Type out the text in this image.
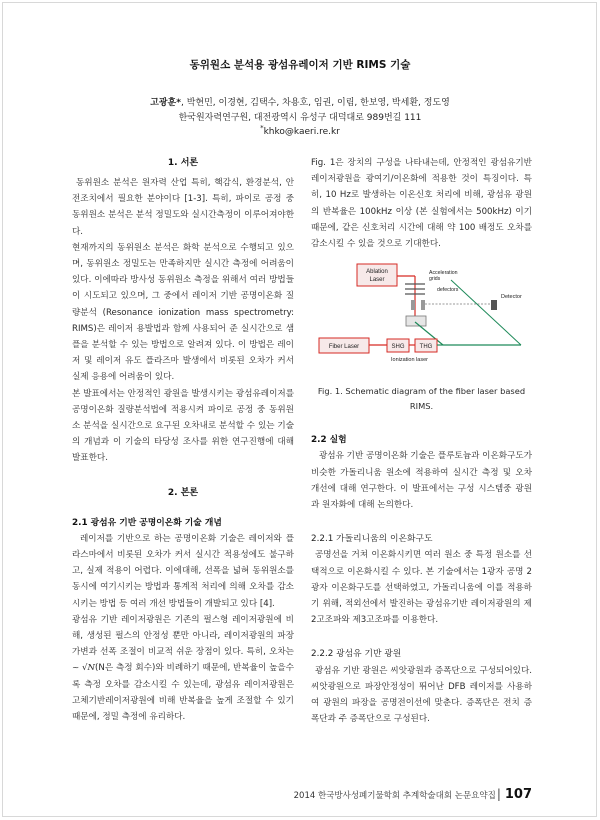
동위원소 분석용 광섬유레이저 기반 RIMS 기술
고광훈*, 박현민, 이경현, 김택수, 차용호, 임권, 이림, 한보영, 박세환, 정도영
한국원자력연구원, 대전광역시 유성구 대덕대로 989번길 111
*khko@kaeri.re.kr
1. 서론

동위원소 분석은 원자력 산업 특히, 핵감식, 환경분석, 안전조치에서 필요한 분야이다 [1-3]. 특히, 파이로 공정 중 동위원소 분석은 분석 정밀도와 실시간측정이 이루어져야한다.

현재까지의 동위원소 분석은 화학 분석으로 수행되고 있으며, 동위원소 정밀도는 만족하지만 실시간 측정에 어려움이 있다. 이에따라 방사성 동위원소 측정을 위해서 여러 방법들이 시도되고 있으며, 그 중에서 레이저 기반 공명이온화 질량분석 (Resonance ionization mass spectrometry: RIMS)은 레이저 용발법과 함께 사용되어 준 실시간으로 샘플을 분석할 수 있는 방법으로 알려져 있다. 이 방법은 레이저 및 레이저 유도 플라즈마 발생에서 비롯된 오차가 커서 실제 응용에 어려움이 있다.

본 발표에서는 안정적인 광원을 발생시키는 광섬유레이저를 공명이온화 질량분석법에 적용시켜 파이로 공정 중 동위원소 분석을 실시간으로 요구된 오차내로 분석할 수 있는 기술의 개념과 이 기술의 타당성 조사를 위한 연구진행에 대해 발표한다.

2. 본론
2.1 광섬유 기반 공명이온화 기술 개념

레이저를 기반으로 하는 공명이온화 기술은 레이저와 플라스마에서 비롯된 오차가 커서 실시간 적용성에도 불구하고, 실제 적용이 어렵다. 이에대해, 선폭을 넓혀 동위원소를 동시에 여기시키는 방법과 통계적 처리에 의해 오차를 감소시키는 방법 등 여러 개선 방법들이 개발되고 있다 [4].

광섬유 기반 레이저광원은 기존의 펄스형 레이저광원에 비해, 생성된 펄스의 안정성 뿐만 아니라, 레이저광원의 파장 가변과 선폭 조절이 비교적 쉬운 장점이 있다. 특히, 오차는 ~ √N(N은 측정 회수)와 비례하기 때문에, 반복율이 높을수록 측정 오차를 감소시킬 수 있는데, 광섬유 레이저광원은 고체기반레이저광원에 비해 반복율을 높게 조절할 수 있기 때문에, 정밀 측정에 유리하다.

Fig. 1은 장치의 구성을 나타내는데, 안정적인 광섬유기반 레이저광원을 광여기/이온화에 적용한 것이 특징이다. 특히, 10 Hz로 발생하는 이온신호 처리에 비해, 광섬유 광원의 반복율은 100kHz 이상 (본 실험에서는 500kHz) 이기 때문에, 같은 신호처리 시간에 대해 약 100 배정도 오차를 감소시킬 수 있을 것으로 기대한다.

Ablation
Laser
Acceleration
grids
defectors
Detector
Fiber Laser	SHG	THG
Ionization laser
Fig. 1. Schematic diagram of the fiber laser based RIMS.
2.2 실험

광섬유 기반 공명이온화 기술은 플루토늄과 이온화구도가 비슷한 가돌리니움 원소에 적용하여 실시간 측정 및 오차 개선에 대해 연구한다. 이 발표에서는 구성 시스템중 광원과 원자화에 대해 논의한다.

2.2.1 가돌리니움의 이온화구도

공명선을 거쳐 이온화시키면 여러 원소 중 특정 원소를 선택적으로 이온화시킬 수 있다. 본 기술에서는 1광자 공명 2광자 이온화구도를 선택하였고, 가돌리니움에 이를 적용하기 위해, 적외선에서 발진하는 광섬유기반 레이저광원의 제2고조파와 제3고조파를 이용한다.

2.2.2 광섬유 기반 광원

광섬유 기반 광원은 씨앗광원과 증폭단으로 구성되어있다. 씨앗광원으로 파장안정성이 뛰어난 DFB 레이저를 사용하여 광원의 파장을 공명전이선에 맞춘다. 증폭단은 전치 증폭단과 주 증폭단으로 구성된다.

2014 한국방사성폐기물학회 추계학술대회 논문요약집| 107
